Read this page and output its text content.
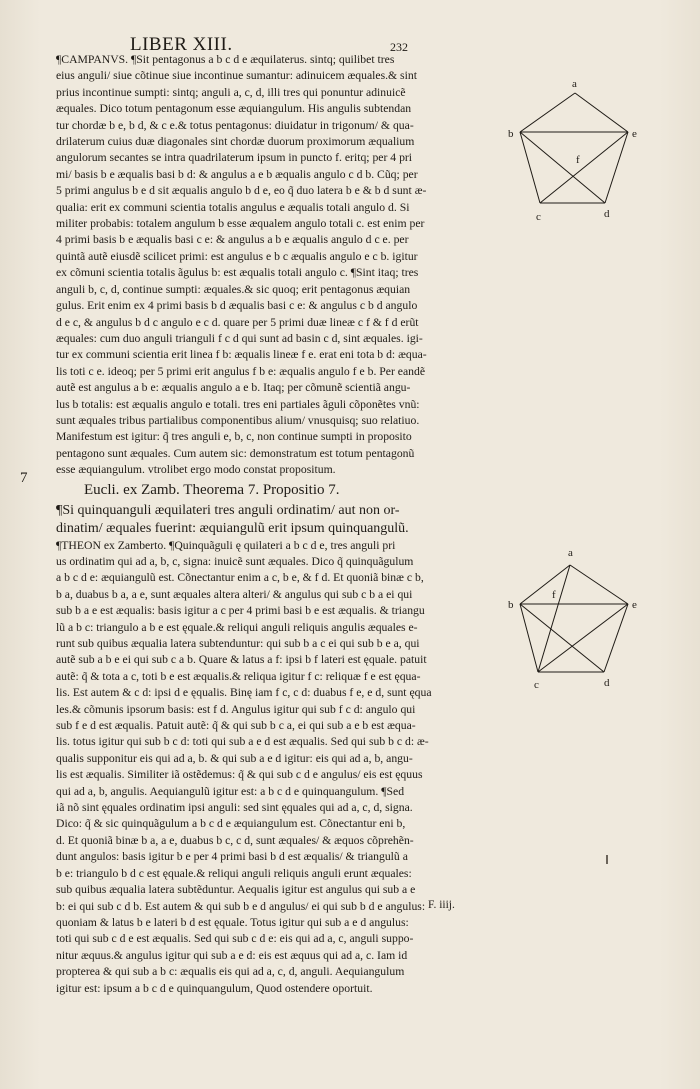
LIBER XIII.	232
7
¶CAMPANVS. ¶Sit pentagonus a b c d e æquilaterus. sintq; quilibet tres
eius anguli/ siue cõtinue siue incontinue sumantur: adinuicem æquales.& sint
prius incontinue sumpti: sintq; anguli a, c, d, illi tres qui ponuntur adinuicẽ
æquales. Dico totum pentagonum esse æquiangulum. His angulis subtendan
tur chordæ b e, b d, & c e.& totus pentagonus: diuidatur in trigonum/ & qua-
drilaterum cuius duæ diagonales sint chordæ duorum proximorum æqualium
angulorum secantes se intra quadrilaterum ipsum in puncto f. eritq; per 4 pri
mi/ basis b e æqualis basi b d: & angulus a e b æqualis angulo c d b. Cũq; per
5 primi angulus b e d sit æqualis angulo b d e, eo q̃ duo latera b e & b d sunt æ-
qualia: erit ex communi scientia totalis angulus e æqualis totali angulo d. Si
militer probabis: totalem angulum b esse æqualem angulo totali c. est enim per
4 primi basis b e æqualis basi c e: & angulus a b e æqualis angulo d c e. per
quintã autẽ eiusdẽ scilicet primi: est angulus e b c æqualis angulo e c b. igitur
ex cõmuni scientia totalis ãgulus b: est æqualis totali angulo c. ¶Sint itaq; tres
anguli b, c, d, continue sumpti: æquales.& sic quoq; erit pentagonus æquian
gulus. Erit enim ex 4 primi basis b d æqualis basi c e: & angulus c b d angulo
d e c, & angulus b d c angulo e c d. quare per 5 primi duæ lineæ c f & f d erũt
æquales: cum duo anguli trianguli f c d qui sunt ad basin c d, sint æquales. igi-
tur ex communi scientia erit linea f b: æqualis lineæ f e. erat eni tota b d: æqua-
lis toti c e. ideoq; per 5 primi erit angulus f b e: æqualis angulo f e b. Per eandẽ
autẽ est angulus a b e: æqualis angulo a e b. Itaq; per cõmunẽ scientiã angu-
lus b totalis: est æqualis angulo e totali. tres eni partiales ãguli cõponẽtes vnũ:
sunt æquales tribus partialibus componentibus alium/ vnusquisq; suo relatiuo.
Manifestum est igitur: q̃ tres anguli e, b, c, non continue sumpti in proposito
pentagono sunt æquales. Cum autem sic: demonstratum est totum pentagonũ
esse æquiangulum. vtrolibet ergo modo constat propositum.
Eucli. ex Zamb. Theorema 7. Propositio 7.
¶Si quinquanguli æquilateri tres anguli ordinatim/ aut non or-
dinatim/ æquales fuerint: æquiangulũ erit ipsum quinquangulũ.
¶THEON ex Zamberto. ¶Quinquãguli ę quilateri a b c d e, tres anguli pri
us ordinatim qui ad a, b, c, signa: inuicẽ sunt æquales. Dico q̃ quinquãgulum
a b c d e: æquiangulũ est. Cõnectantur enim a c, b e, & f d. Et quoniã binæ c b,
b a, duabus b a, a e, sunt æquales altera alteri/ & angulus qui sub c b a ei qui
sub b a e est æqualis: basis igitur a c per 4 primi basi b e est æqualis. & triangu
lũ a b c: triangulo a b e est ęquale.& reliqui anguli reliquis angulis æquales e-
runt sub quibus æqualia latera subtenduntur: qui sub b a c ei qui sub b e a, qui
autẽ sub a b e ei qui sub c a b. Quare & latus a f: ipsi b f lateri est ęquale. patuit
autẽ: q̃ & tota a c, toti b e est æqualis.& reliqua igitur f c: reliquæ f e est ęqua-
lis. Est autem & c d: ipsi d e ęqualis. Binę iam f c, c d: duabus f e, e d, sunt ęqua
les.& cõmunis ipsorum basis: est f d. Angulus igitur qui sub f c d: angulo qui
sub f e d est æqualis. Patuit autẽ: q̃ & qui sub b c a, ei qui sub a e b est æqua-
lis. totus igitur qui sub b c d: toti qui sub a e d est æqualis. Sed qui sub b c d: æ-
qualis supponitur eis qui ad a, b. & qui sub a e d igitur: eis qui ad a, b, angu-
lis est æqualis. Similiter iã ostẽdemus: q̃ & qui sub c d e angulus/ eis est ęquus
qui ad a, b, angulis. Aequiangulũ igitur est: a b c d e quinquangulum. ¶Sed
iã nõ sint ęquales ordinatim ipsi anguli: sed sint ęquales qui ad a, c, d, signa.
Dico: q̃ & sic quinquãgulum a b c d e æquiangulum est. Cõnectantur eni b,
d. Et quoniã binæ b a, a e, duabus b c, c d, sunt æquales/ & æquos cõprehẽn-
dunt angulos: basis igitur b e per 4 primi basi b d est æqualis/ & triangulũ a
b e: triangulo b d c est ęquale.& reliqui anguli reliquis anguli erunt æquales:
sub quibus æqualia latera subtẽduntur. Aequalis igitur est angulus qui sub a e
b: ei qui sub c d b. Est autem & qui sub b e d angulus/ ei qui sub b d e angulus:
quoniam & latus b e lateri b d est ęquale. Totus igitur qui sub a e d angulus:
toti qui sub c d e est æqualis. Sed qui sub c d e: eis qui ad a, c, anguli suppo-
nitur æquus.& angulus igitur qui sub a e d: eis est æquus qui ad a, c. Iam id
propterea & qui sub a b c: æqualis eis qui ad a, c, d, anguli. Aequiangulum
igitur est: ipsum a b c d e quinquangulum, Quod ostendere oportuit.
F. iiij.
a
b	e
f
c	d
a
b	e
f
c	d
